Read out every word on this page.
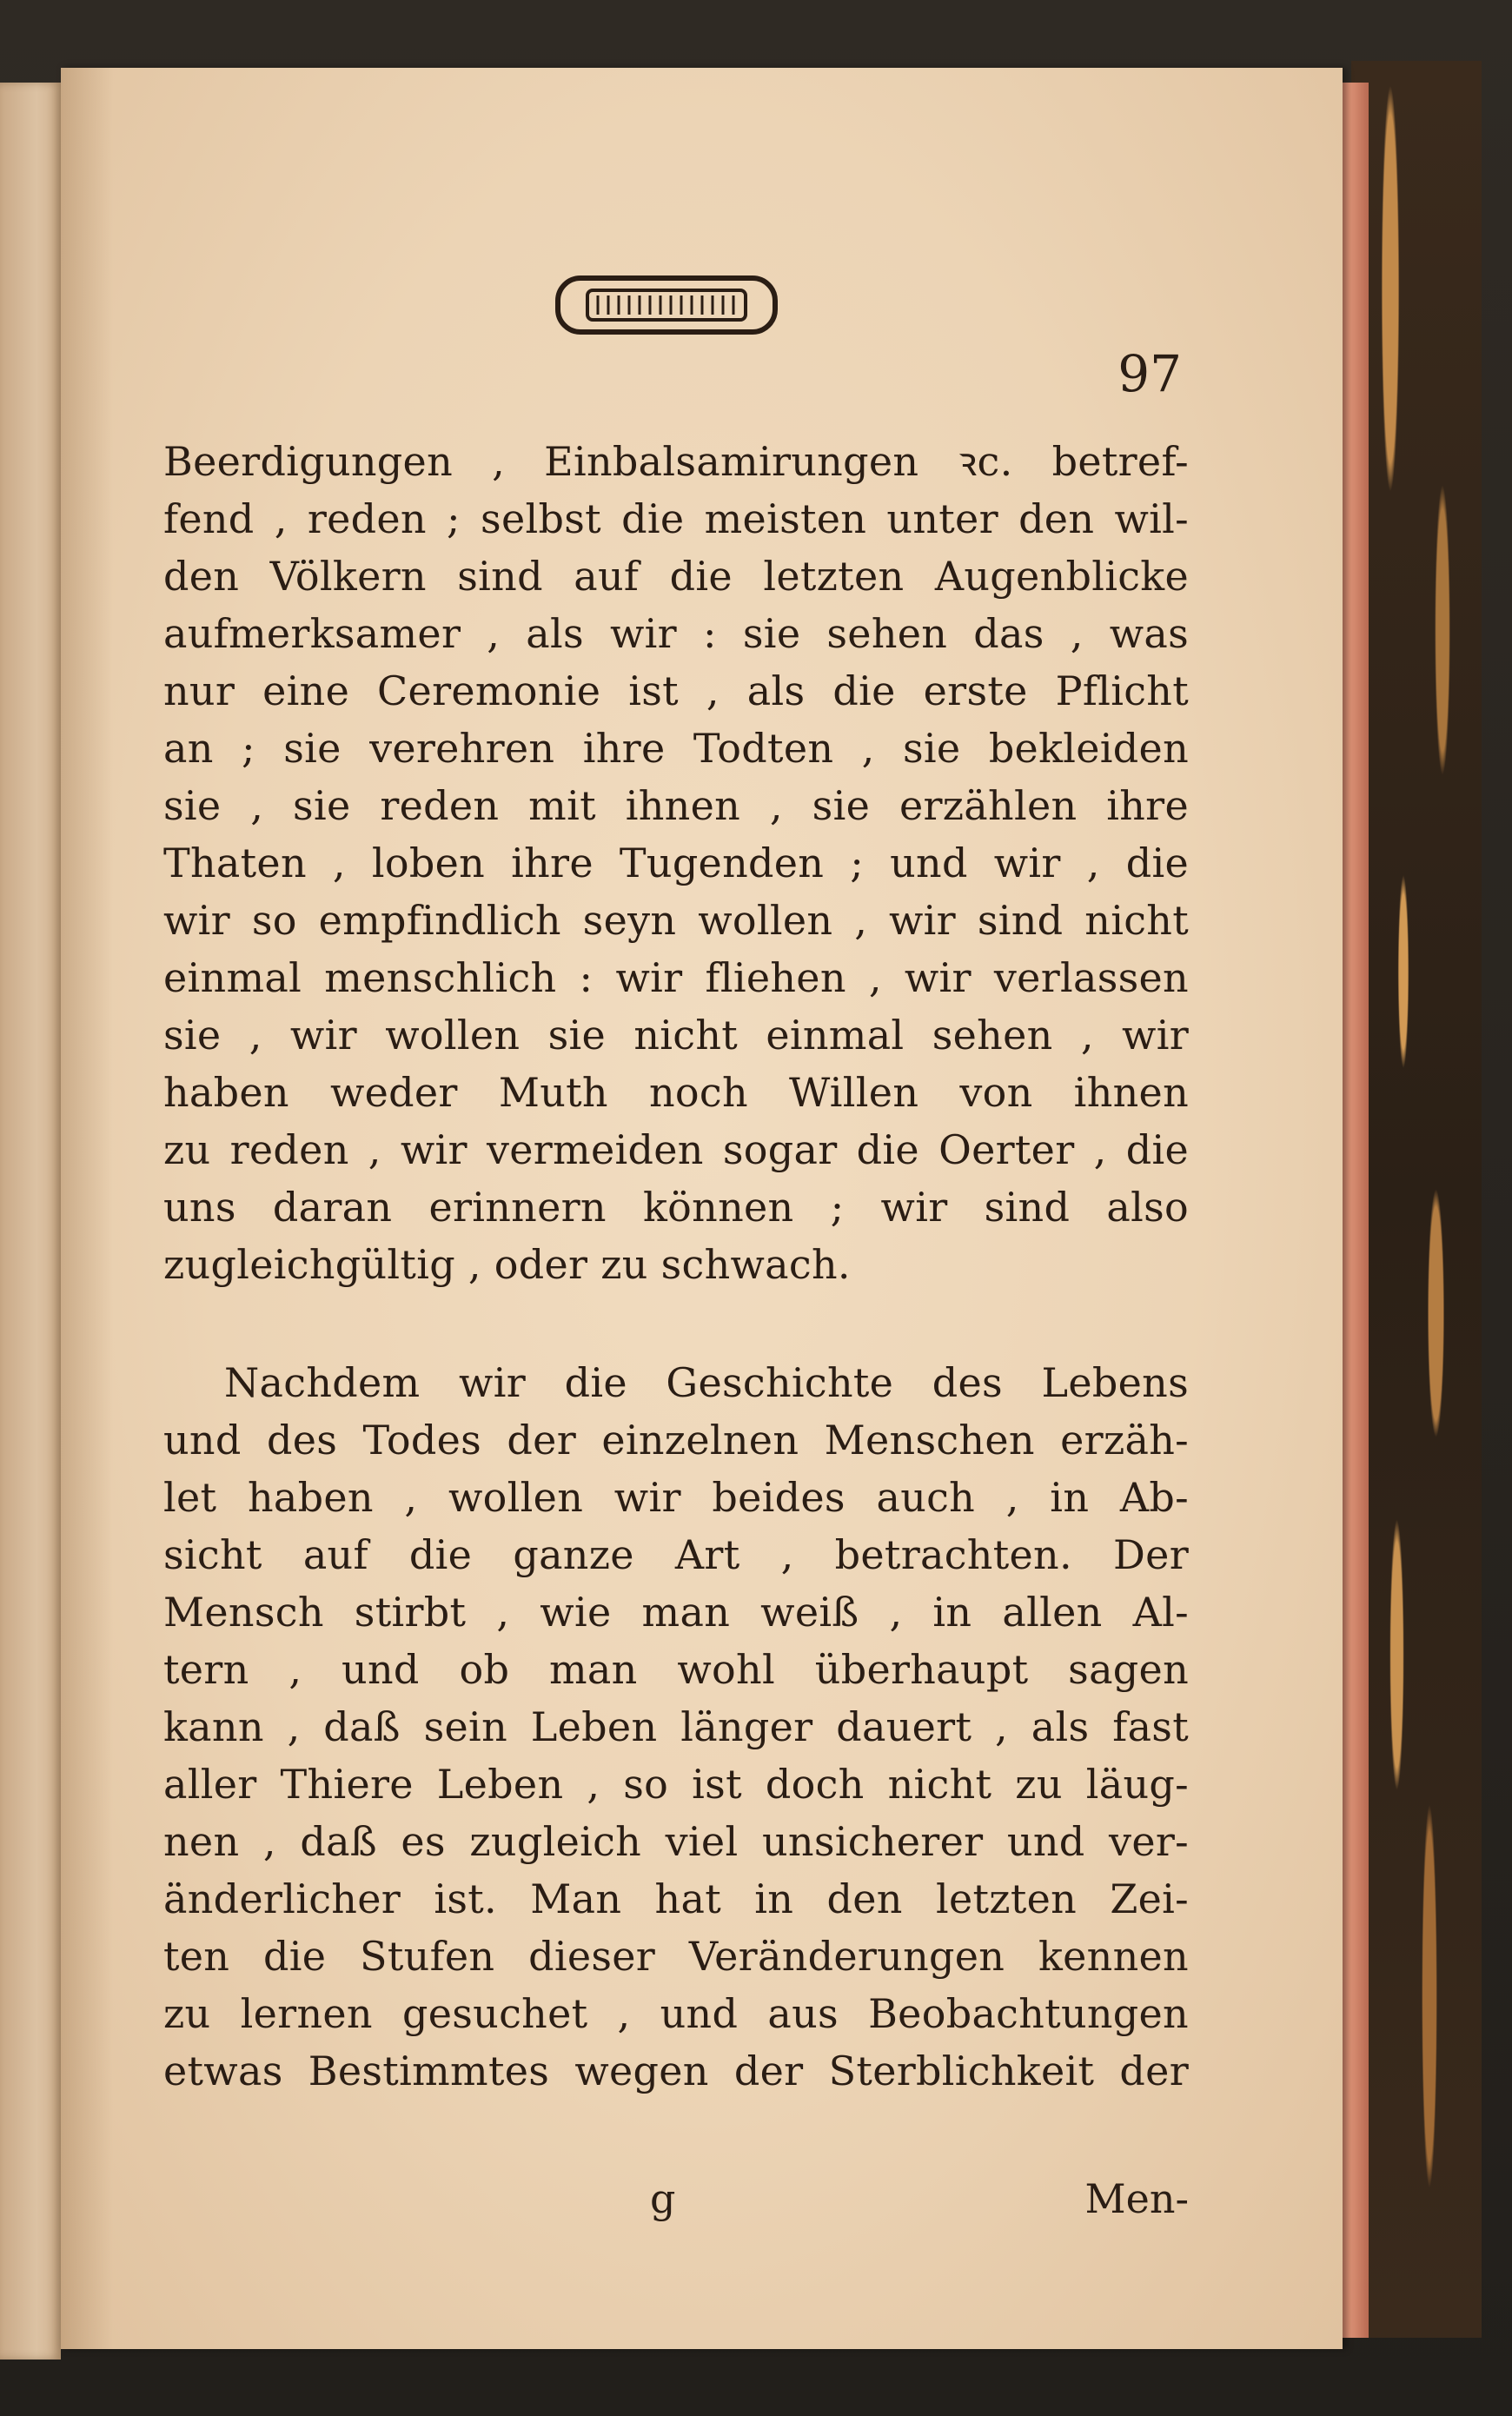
97
Beerdigungen , Einbalsamirungen ꝛc. betref-
fend , reden ; selbst die meisten unter den wil-
den Völkern sind auf die letzten Augenblicke
aufmerksamer , als wir : sie sehen das , was
nur eine Ceremonie ist , als die erste Pflicht
an ; sie verehren ihre Todten , sie bekleiden
sie , sie reden mit ihnen , sie erzählen ihre
Thaten , loben ihre Tugenden ; und wir , die
wir so empfindlich seyn wollen , wir sind nicht
einmal menschlich : wir fliehen , wir verlassen
sie , wir wollen sie nicht einmal sehen , wir
haben weder Muth noch Willen von ihnen
zu reden , wir vermeiden sogar die Oerter , die
uns daran erinnern können ; wir sind also
zugleichgültig , oder zu schwach.
Nachdem wir die Geschichte des Lebens
und des Todes der einzelnen Menschen erzäh-
let haben , wollen wir beides auch , in Ab-
sicht auf die ganze Art , betrachten. Der
Mensch stirbt , wie man weiß , in allen Al-
tern , und ob man wohl überhaupt sagen
kann , daß sein Leben länger dauert , als fast
aller Thiere Leben , so ist doch nicht zu läug-
nen , daß es zugleich viel unsicherer und ver-
änderlicher ist. Man hat in den letzten Zei-
ten die Stufen dieser Veränderungen kennen
zu lernen gesuchet , und aus Beobachtungen
etwas Bestimmtes wegen der Sterblichkeit der
g	Men-
